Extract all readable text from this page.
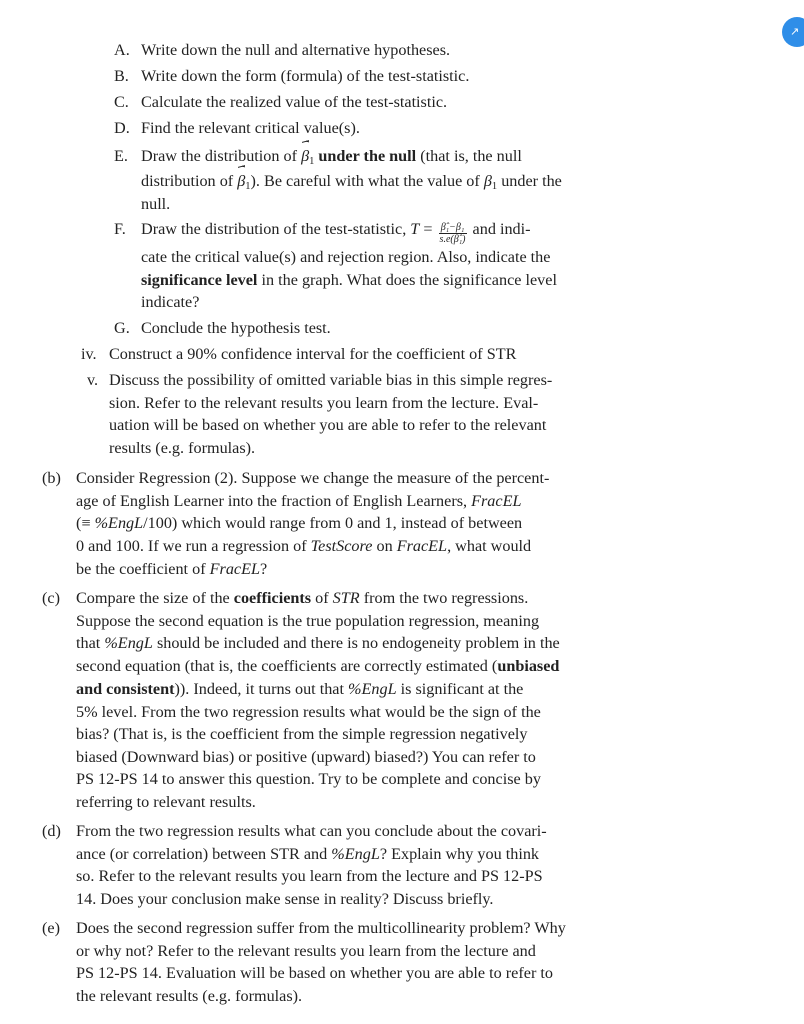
↗
A. Write down the null and alternative hypotheses.
B. Write down the form (formula) of the test-statistic.
C. Calculate the realized value of the test-statistic.
D. Find the relevant critical value(s).
E. Draw the distribution of $\beta_1$ under the null (that is, the null
distribution of $\beta_1$). Be careful with what the value of $\beta_1$ under the
null.
F. Draw the distribution of the test-statistic, $T = \frac{\text{β̂₁−β₁}}{\text{s.e(β̂₁)}}$ and indi-
cate the critical value(s) and rejection region. Also, indicate the
significance level in the graph. What does the significance level
indicate?
G. Conclude the hypothesis test.
iv. Construct a 90% confidence interval for the coefficient of STR
v. Discuss the possibility of omitted variable bias in this simple regres-
sion. Refer to the relevant results you learn from the lecture. Eval-
uation will be based on whether you are able to refer to the relevant
results (e.g. formulas).
(b) Consider Regression (2). Suppose we change the measure of the percent-
age of English Learner into the fraction of English Learners, FracEL
(≡ %EngL/100) which would range from 0 and 1, instead of between
0 and 100. If we run a regression of TestScore on FracEL, what would
be the coefficient of FracEL?
(c) Compare the size of the coefficients of STR from the two regressions.
Suppose the second equation is the true population regression, meaning
that %EngL should be included and there is no endogeneity problem in the
second equation (that is, the coefficients are correctly estimated (unbiased
and consistent)). Indeed, it turns out that %EngL is significant at the
5% level. From the two regression results what would be the sign of the
bias? (That is, is the coefficient from the simple regression negatively
biased (Downward bias) or positive (upward) biased?) You can refer to
PS 12-PS 14 to answer this question. Try to be complete and concise by
referring to relevant results.
(d) From the two regression results what can you conclude about the covari-
ance (or correlation) between STR and %EngL? Explain why you think
so. Refer to the relevant results you learn from the lecture and PS 12-PS
14. Does your conclusion make sense in reality? Discuss briefly.
(e) Does the second regression suffer from the multicollinearity problem? Why
or why not? Refer to the relevant results you learn from the lecture and
PS 12-PS 14. Evaluation will be based on whether you are able to refer to
the relevant results (e.g. formulas).
